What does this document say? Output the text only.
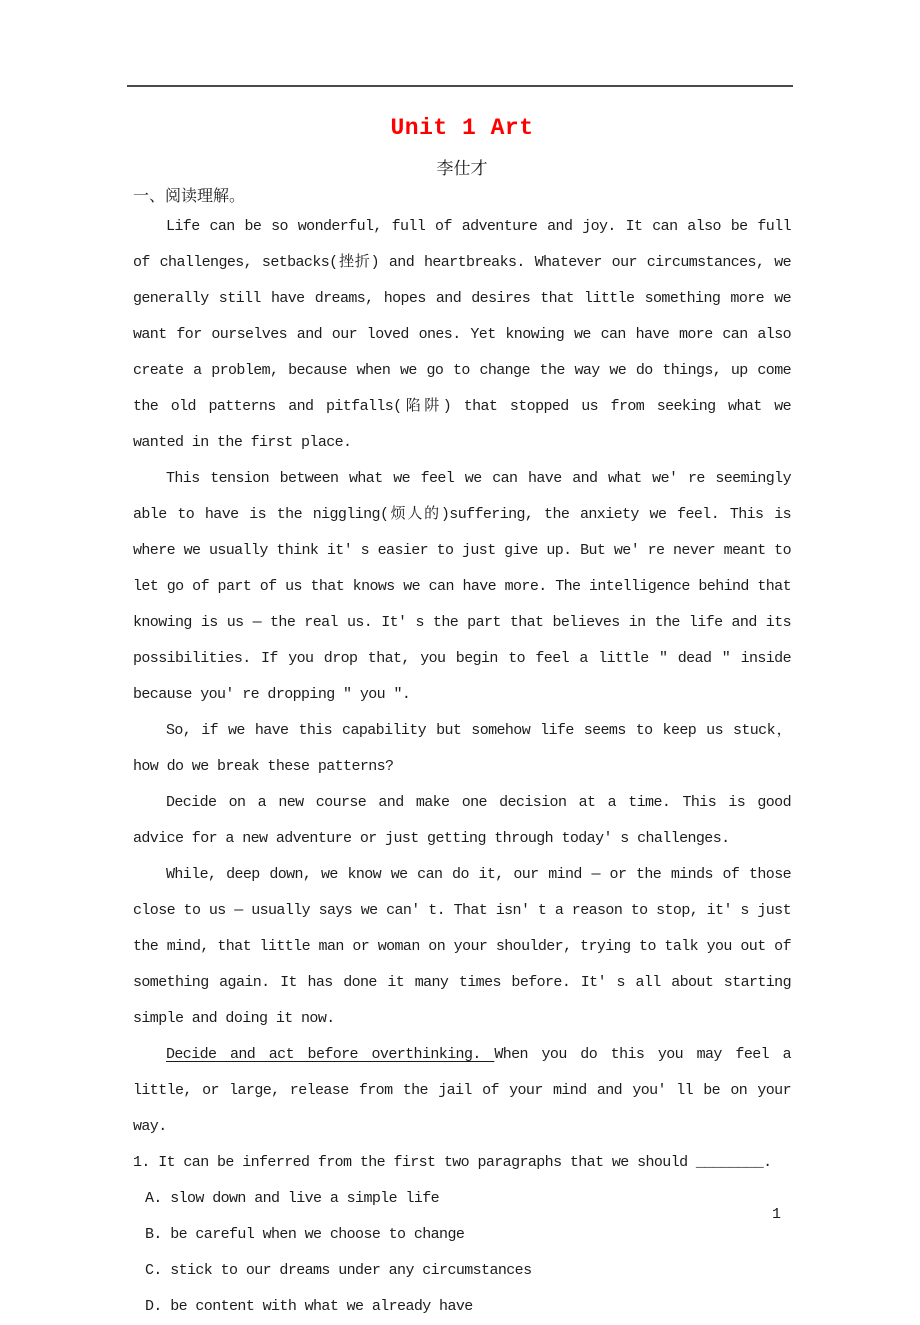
Unit 1 Art
李仕才
一、阅读理解。

Life can be so wonderful, full of adventure and joy. It can also be full of challenges, setbacks(挫折) and heartbreaks. Whatever our circumstances, we generally still have dreams, hopes and desires that little something more we want for ourselves and our loved ones. Yet knowing we can have more can also create a problem, because when we go to change the way we do things, up come the old patterns and pitfalls(陷阱) that stopped us from seeking what we wanted in the first place.

This tension between what we feel we can have and what we' re seemingly able to have is the niggling(烦人的)suffering, the anxiety we feel. This is where we usually think it' s easier to just give up. But we' re never meant to let go of part of us that knows we can have more. The intelligence behind that knowing is us — the real us. It' s the part that believes in the life and its possibilities. If you drop that, you begin to feel a little " dead " inside because you' re dropping " you ".

So, if we have this capability but somehow life seems to keep us stuck，how do we break these patterns?

Decide on a new course and make one decision at a time. This is good advice for a new adventure or just getting through today' s challenges.

While, deep down, we know we can do it, our mind — or the minds of those close to us — usually says we can' t. That isn' t a reason to stop, it' s just the mind, that little man or woman on your shoulder, trying to talk you out of something again. It has done it many times before. It' s all about starting simple and doing it now.

Decide and act before overthinking. When you do this you may feel a little, or large, release from the jail of your mind and you' ll be on your way.

1. It can be inferred from the first two paragraphs that we should ________.
A. slow down and live a simple life
B. be careful when we choose to change
C. stick to our dreams under any circumstances
D. be content with what we already have
1
